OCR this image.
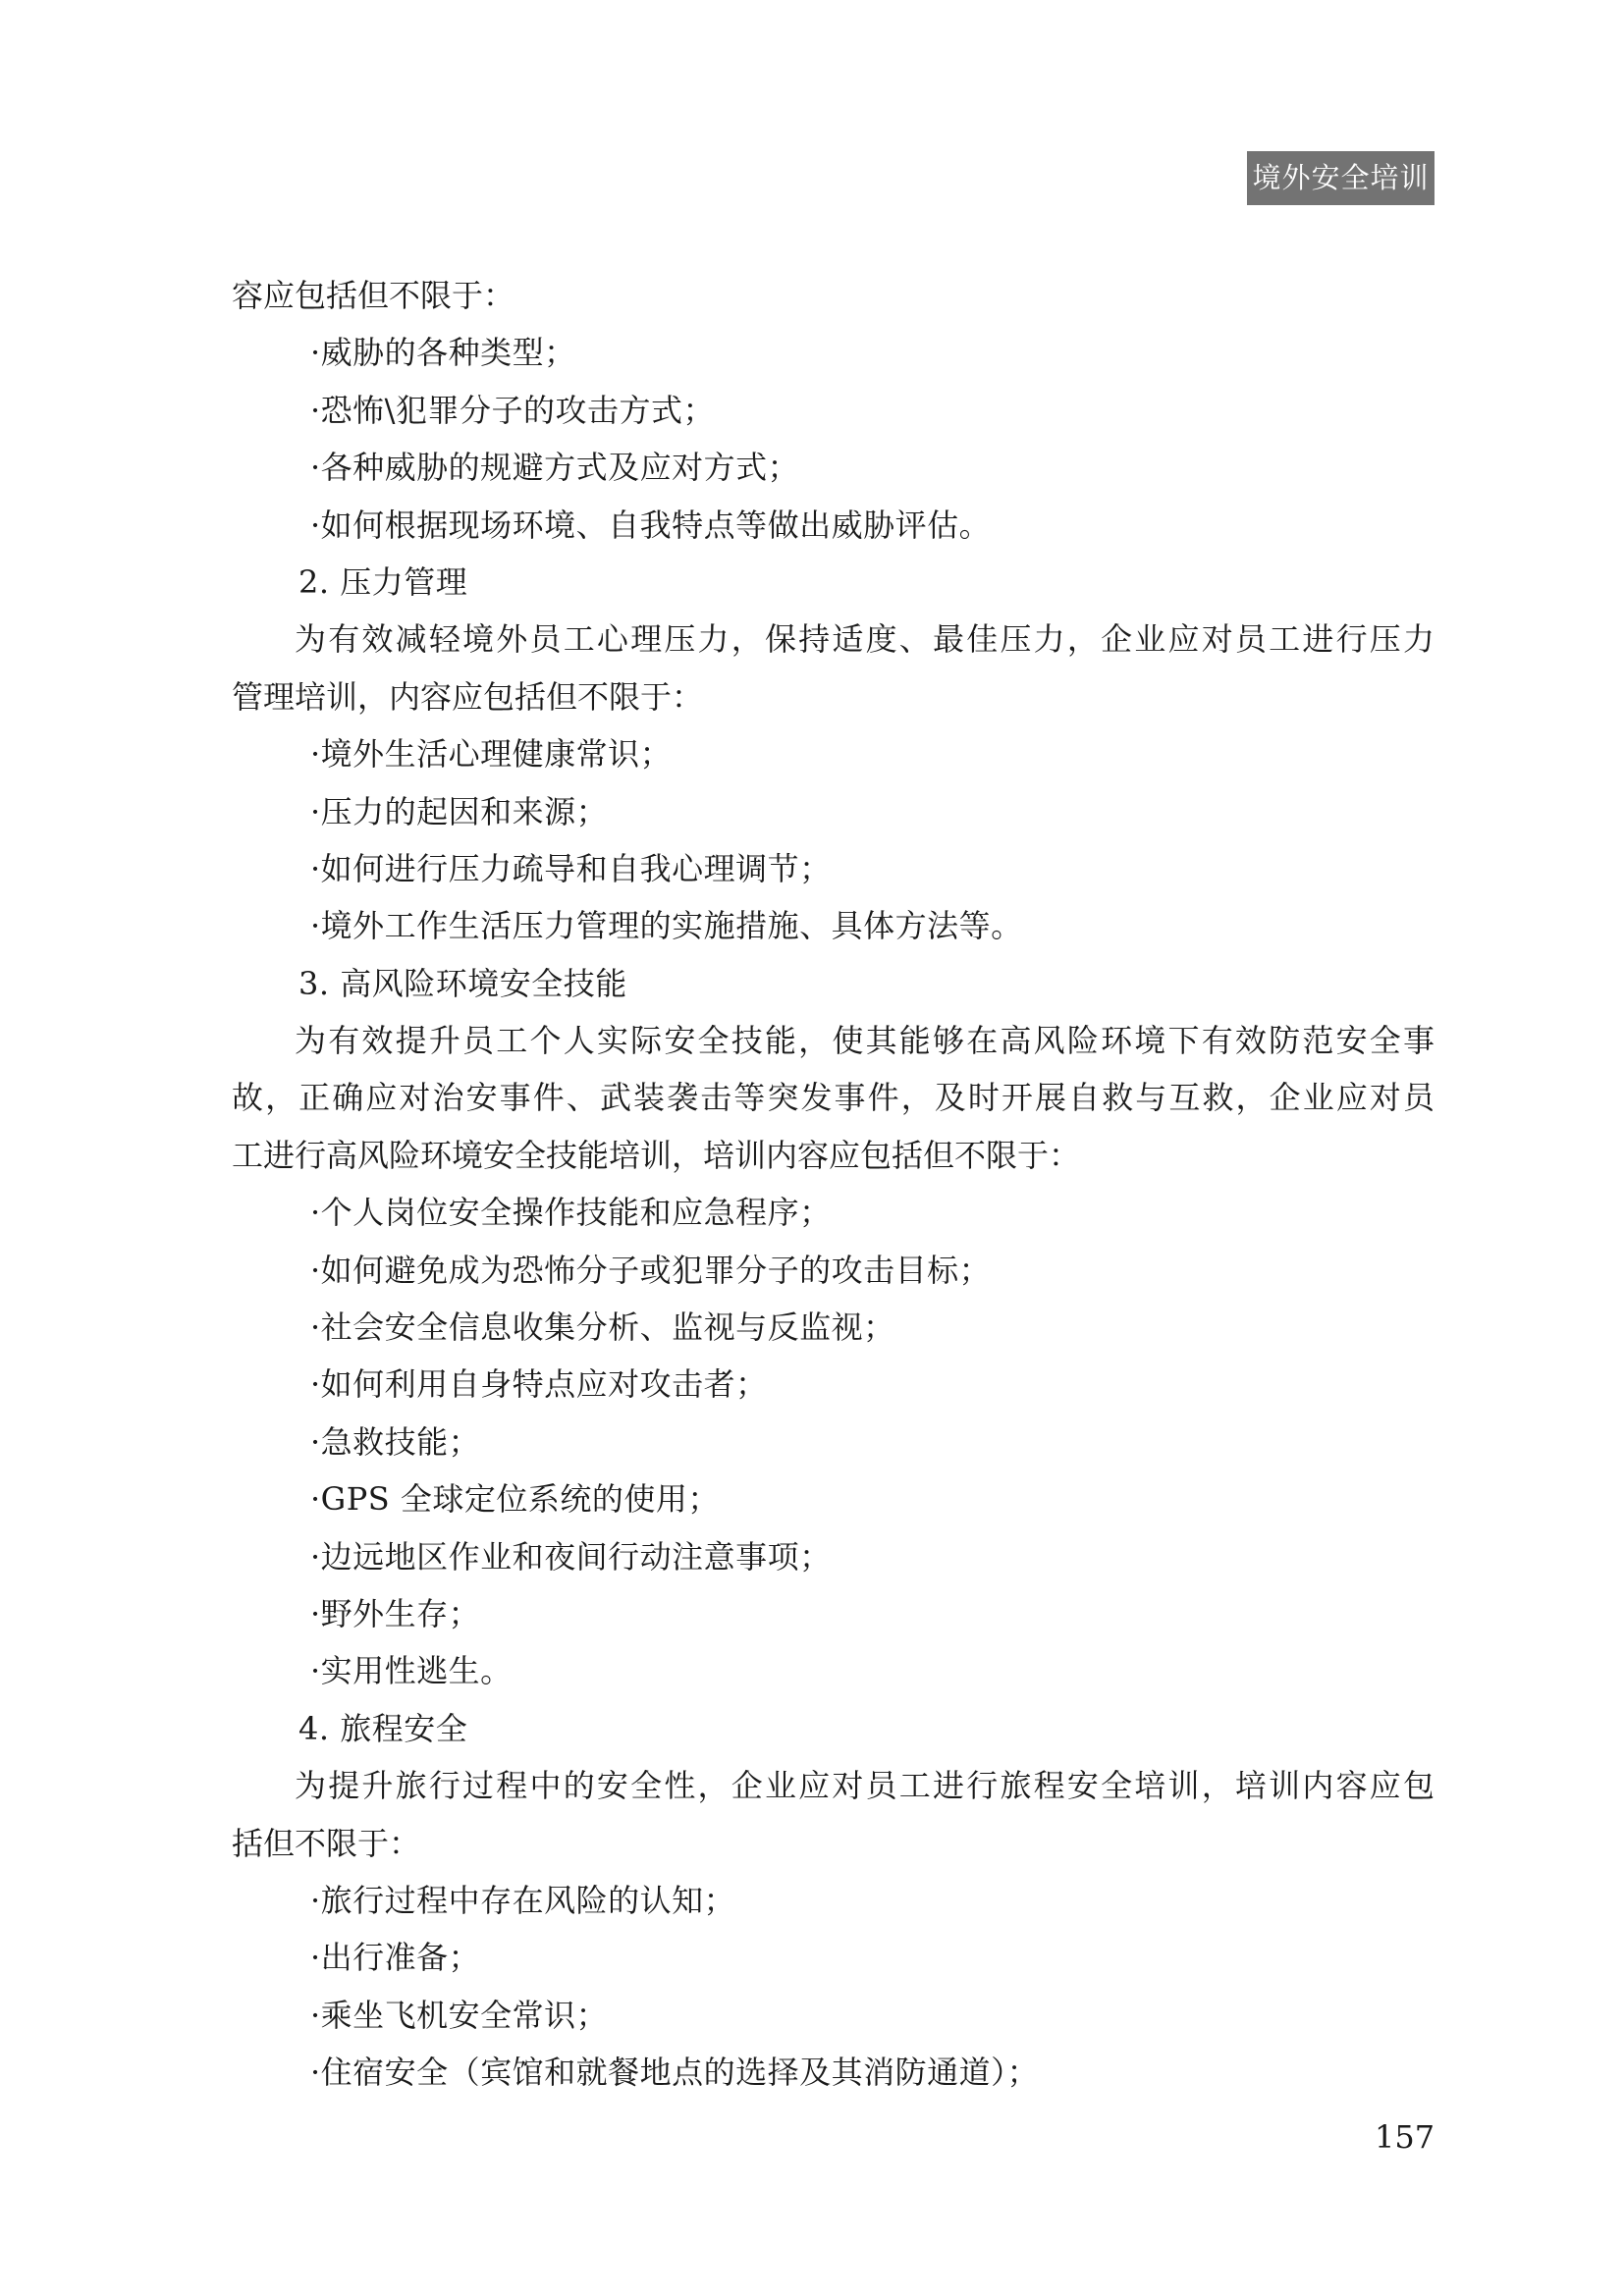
境外安全培训
容应包括但不限于：
·威胁的各种类型；
·恐怖\犯罪分子的攻击方式；
·各种威胁的规避方式及应对方式；
·如何根据现场环境、自我特点等做出威胁评估。
2. 压力管理
为有效减轻境外员工心理压力，保持适度、最佳压力，企业应对员工进行压力
管理培训，内容应包括但不限于：
·境外生活心理健康常识；
·压力的起因和来源；
·如何进行压力疏导和自我心理调节；
·境外工作生活压力管理的实施措施、具体方法等。
3. 高风险环境安全技能
为有效提升员工个人实际安全技能，使其能够在高风险环境下有效防范安全事
故，正确应对治安事件、武装袭击等突发事件，及时开展自救与互救，企业应对员
工进行高风险环境安全技能培训，培训内容应包括但不限于：
·个人岗位安全操作技能和应急程序；
·如何避免成为恐怖分子或犯罪分子的攻击目标；
·社会安全信息收集分析、监视与反监视；
·如何利用自身特点应对攻击者；
·急救技能；
·GPS 全球定位系统的使用；
·边远地区作业和夜间行动注意事项；
·野外生存；
·实用性逃生。
4. 旅程安全
为提升旅行过程中的安全性，企业应对员工进行旅程安全培训，培训内容应包
括但不限于：
·旅行过程中存在风险的认知；
·出行准备；
·乘坐飞机安全常识；
·住宿安全（宾馆和就餐地点的选择及其消防通道）；
157
